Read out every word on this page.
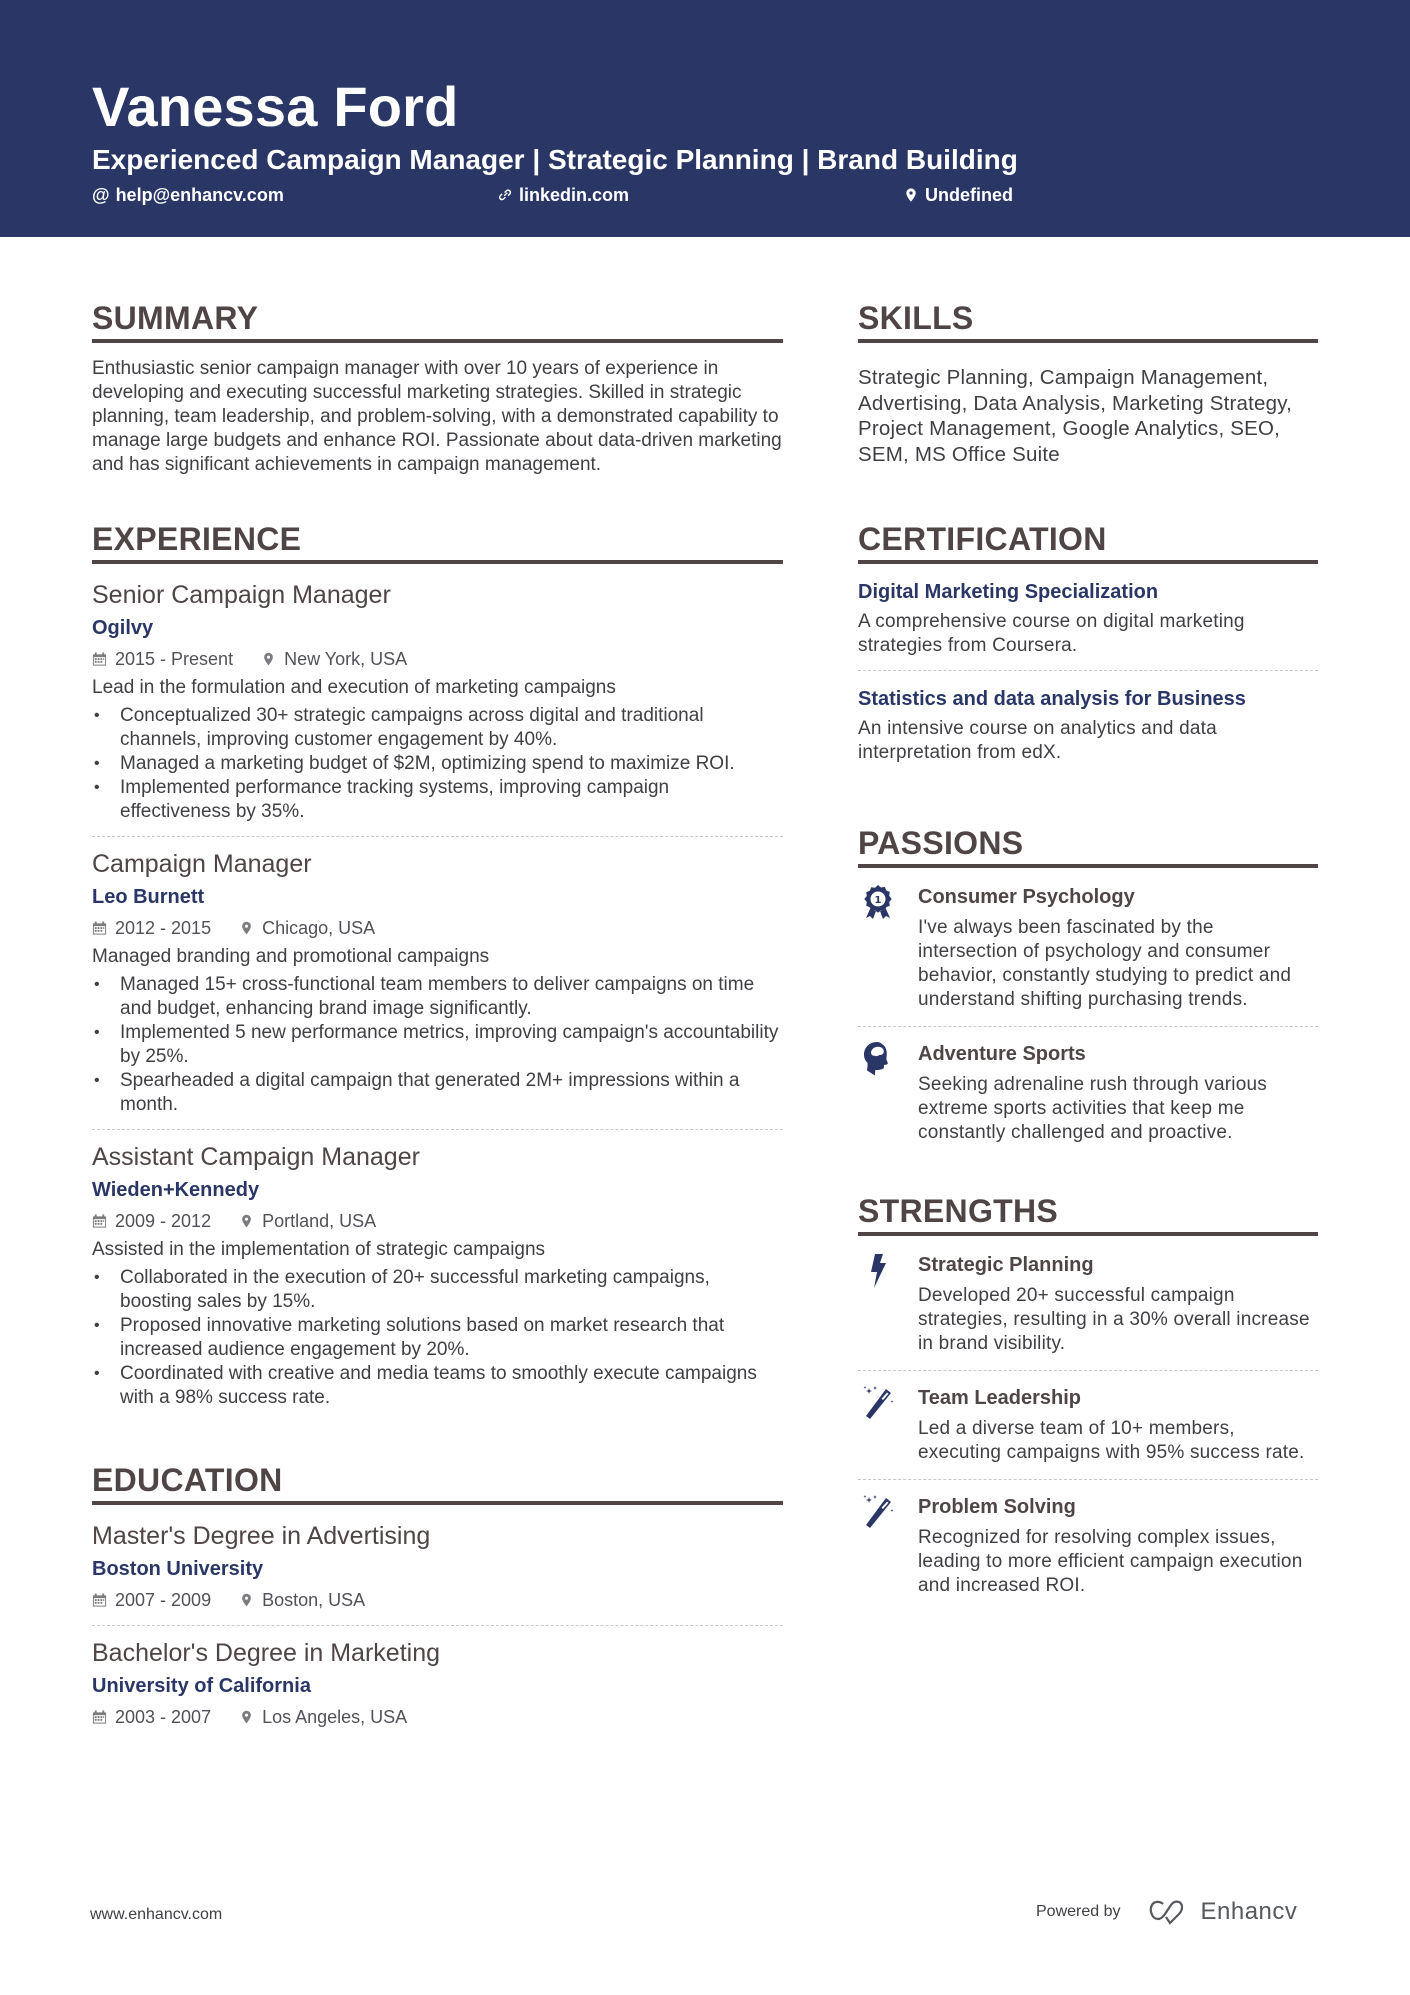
Vanessa Ford
Experienced Campaign Manager | Strategic Planning | Brand Building
@ help@enhancv.com	linkedin.com	Undefined
SUMMARY
Enthusiastic senior campaign manager with over 10 years of experience in developing and executing successful marketing strategies. Skilled in strategic planning, team leadership, and problem-solving, with a demonstrated capability to manage large budgets and enhance ROI. Passionate about data-driven marketing and has significant achievements in campaign management.
EXPERIENCE
Senior Campaign Manager
Ogilvy
2015 - Present	New York, USA
Lead in the formulation and execution of marketing campaigns
• Conceptualized 30+ strategic campaigns across digital and traditional channels, improving customer engagement by 40%.
• Managed a marketing budget of $2M, optimizing spend to maximize ROI.
• Implemented performance tracking systems, improving campaign effectiveness by 35%.
Campaign Manager
Leo Burnett
2012 - 2015	Chicago, USA
Managed branding and promotional campaigns
• Managed 15+ cross-functional team members to deliver campaigns on time and budget, enhancing brand image significantly.
• Implemented 5 new performance metrics, improving campaign's accountability by 25%.
• Spearheaded a digital campaign that generated 2M+ impressions within a month.
Assistant Campaign Manager
Wieden+Kennedy
2009 - 2012	Portland, USA
Assisted in the implementation of strategic campaigns
• Collaborated in the execution of 20+ successful marketing campaigns, boosting sales by 15%.
• Proposed innovative marketing solutions based on market research that increased audience engagement by 20%.
• Coordinated with creative and media teams to smoothly execute campaigns with a 98% success rate.
EDUCATION
Master's Degree in Advertising
Boston University
2007 - 2009	Boston, USA
Bachelor's Degree in Marketing
University of California
2003 - 2007	Los Angeles, USA
SKILLS
Strategic Planning, Campaign Management, Advertising, Data Analysis, Marketing Strategy, Project Management, Google Analytics, SEO, SEM, MS Office Suite
CERTIFICATION
Digital Marketing Specialization
A comprehensive course on digital marketing strategies from Coursera.
Statistics and data analysis for Business
An intensive course on analytics and data interpretation from edX.
PASSIONS
1 Consumer Psychology
I've always been fascinated by the intersection of psychology and consumer behavior, constantly studying to predict and understand shifting purchasing trends.
Adventure Sports
Seeking adrenaline rush through various extreme sports activities that keep me constantly challenged and proactive.
STRENGTHS
Strategic Planning
Developed 20+ successful campaign strategies, resulting in a 30% overall increase in brand visibility.
Team Leadership
Led a diverse team of 10+ members, executing campaigns with 95% success rate.
Problem Solving
Recognized for resolving complex issues, leading to more efficient campaign execution and increased ROI.
www.enhancv.com	Powered by	Enhancv
